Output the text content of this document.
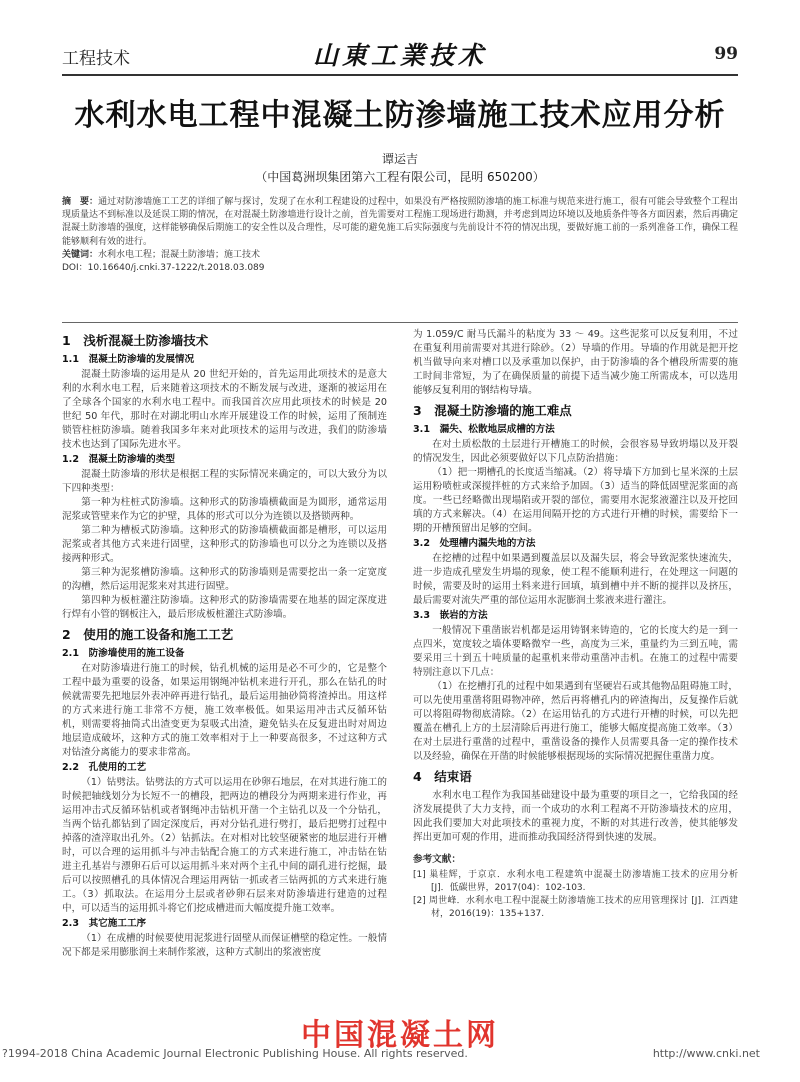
工程技术	山東工業技术	99
水利水电工程中混凝土防渗墙施工技术应用分析
谭运吉
（中国葛洲坝集团第六工程有限公司，昆明 650200）

摘　要：通过对防渗墙施工工艺的详细了解与探讨，发现了在水利工程建设的过程中，如果没有严格按照防渗墙的施工标准与规范来进行施工，很有可能会导致整个工程出现质量达不到标准以及延误工期的情况，在对混凝土防渗墙进行设计之前，首先需要对工程施工现场进行勘测，并考虑到周边环境以及地质条件等各方面因素，然后再确定混凝土防渗墙的强度，这样能够确保后期施工的安全性以及合理性，尽可能的避免施工后实际强度与先前设计不符的情况出现，要做好施工前的一系列准备工作，确保工程能够顺利有效的进行。

关键词：水利水电工程；混凝土防渗墙；施工技术

DOI：10.16640/j.cnki.37-1222/t.2018.03.089

1　浅析混凝土防渗墙技术
1.1　混凝土防渗墙的发展情况

混凝土防渗墙的运用是从 20 世纪开始的，首先运用此项技术的是意大利的水利水电工程，后来随着这项技术的不断发展与改进，逐渐的被运用在了全球各个国家的水利水电工程中。而我国首次应用此项技术的时候是 20 世纪 50 年代，那时在对湖北明山水库开展建设工作的时候，运用了预制连锁管柱桩防渗墙。随着我国多年来对此项技术的运用与改进，我们的防渗墙技术也达到了国际先进水平。

1.2　混凝土防渗墙的类型

混凝土防渗墙的形状是根据工程的实际情况来确定的，可以大致分为以下四种类型：

第一种为柱桩式防渗墙。这种形式的防渗墙横截面是为圆形，通常运用泥浆或管壁来作为它的护壁，具体的形式可以分为连锁以及搭锁两种。

第二种为槽板式防渗墙。这种形式的防渗墙横截面都是槽形，可以运用泥浆或者其他方式来进行固壁，这种形式的防渗墙也可以分之为连锁以及搭接两种形式。

第三种为泥浆槽防渗墙。这种形式的防渗墙则是需要挖出一条一定宽度的沟槽，然后运用泥浆来对其进行固壁。

第四种为板桩灌注防渗墙。这种形式的防渗墙需要在地基的固定深度进行焊有小管的钢板注入，最后形成板桩灌注式防渗墙。

2　使用的施工设备和施工工艺
2.1　防渗墙使用的施工设备

在对防渗墙进行施工的时候，钻孔机械的运用是必不可少的，它是整个工程中最为重要的设备，如果运用钢绳冲钻机来进行开孔，那么在钻孔的时候就需要先把地层外表冲碎再进行钻孔，最后运用抽砂筒将渣掉出。用这样的方式来进行施工非常不方便，施工效率极低。如果运用冲击式反循环钻机，则需要将抽筒式出渣变更为泵吸式出渣，避免钻头在反复进出时对周边地层造成破坏，这种方式的施工效率相对于上一种要高很多，不过这种方式对钻渣分离能力的要求非常高。

2.2　孔使用的工艺

（1）钻劈法。钻劈法的方式可以运用在砂卵石地层，在对其进行施工的时候把轴线划分为长短不一的槽段，把两边的槽段分为两期来进行作业，再运用冲击式反循环钻机或者钢绳冲击钻机开凿一个主钻孔以及一个分钻孔，当两个钻孔都钻到了固定深度后，再对分钻孔进行劈打，最后把劈打过程中掉落的渣滓取出孔外。（2）钻抓法。在对相对比较坚硬紧密的地层进行开槽时，可以合理的运用抓斗与冲击钻配合施工的方式来进行施工，冲击钻在钻进主孔基岩与漂卵石后可以运用抓斗来对两个主孔中间的副孔进行挖掘，最后可以按照槽孔的具体情况合理运用两钻一抓或者三钻两抓的方式来进行施工。（3）抓取法。在运用分土层或者砂卵石层来对防渗墙进行建造的过程中，可以适当的运用抓斗将它们挖成槽进而大幅度提升施工效率。

2.3　其它施工工序

（1）在成槽的时候要使用泥浆进行固壁从而保证槽壁的稳定性。一般情况下都是采用膨胀润土来制作浆液，这种方式制出的浆液密度

为 1.059/C 耐马氏漏斗的粘度为 33 ～ 49。这些泥浆可以反复利用，不过在重复利用前需要对其进行除砂。（2）导墙的作用。导墙的作用就是把开挖机当做导向来对槽口以及承重加以保护，由于防渗墙的各个槽段所需要的施工时间非常短，为了在确保质量的前提下适当减少施工所需成本，可以选用能够反复利用的钢结构导墙。

3　混凝土防渗墙的施工难点
3.1　漏失、松散地层成槽的方法

在对土质松散的土层进行开槽施工的时候，会很容易导致坍塌以及开裂的情况发生，因此必须要做好以下几点防治措施：

（1）把一期槽孔的长度适当缩减。（2）将导墙下方加到七星米深的土层运用粉喷桩或深搅拌桩的方式来给予加固。（3）适当的降低固壁泥浆面的高度。一些已经略微出现塌陷或开裂的部位，需要用水泥浆液灌注以及开挖回填的方式来解决。（4）在运用间隔开挖的方式进行开槽的时候，需要给下一期的开槽预留出足够的空间。

3.2　处理槽内漏失地的方法

在挖槽的过程中如果遇到覆盖层以及漏失层，将会导致泥浆快速流失，进一步造成孔壁发生坍塌的现象，使工程不能顺利进行，在处理这一问题的时候，需要及时的运用土料来进行回填，填到槽中并不断的搅拌以及挤压，最后需要对流失严重的部位运用水泥膨润土浆液来进行灌注。

3.3　嵌岩的方法

一般情况下重凿嵌岩机都是运用铸钢来铸造的，它的长度大约是一到一点四米，宽度较之墙体要略微窄一些，高度为三米，重量约为三到五吨，需要采用三十到五十吨质量的起重机来带动重凿冲击机。在施工的过程中需要特别注意以下几点：

（1）在挖槽打孔的过程中如果遇到有坚硬岩石或其他物品阻碍施工时，可以先使用重凿将阻碍物冲碎，然后再将槽孔内的碎渣掏出，反复操作后就可以将阻碍物彻底清除。（2）在运用钻孔的方式进行开槽的时候，可以先把覆盖在槽孔上方的土层清除后再进行施工，能够大幅度提高施工效率。（3）在对土层进行重凿的过程中，重凿设备的操作人员需要具备一定的操作技术以及经验，确保在开凿的时候能够根据现场的实际情况把握住重凿力度。

4　结束语

水利水电工程作为我国基础建设中最为重要的项目之一，它给我国的经济发展提供了大力支持，而一个成功的水利工程离不开防渗墙技术的应用，因此我们要加大对此项技术的重视力度，不断的对其进行改善，使其能够发挥出更加可观的作用，进而推动我国经济得到快速的发展。

参考文献：

[1] 巢桂辉，于京京．水利水电工程建筑中混凝土防渗墙施工技术的应用分析 [J]．低碳世界，2017(04)：102-103.

[2] 周世峰．水利水电工程中混凝土防渗墙施工技术的应用管理探讨 [J]．江西建材，2016(19)：135+137.

中国混凝土网
?1994-2018 China Academic Journal Electronic Publishing House. All rights reserved.	http://www.cnki.net
